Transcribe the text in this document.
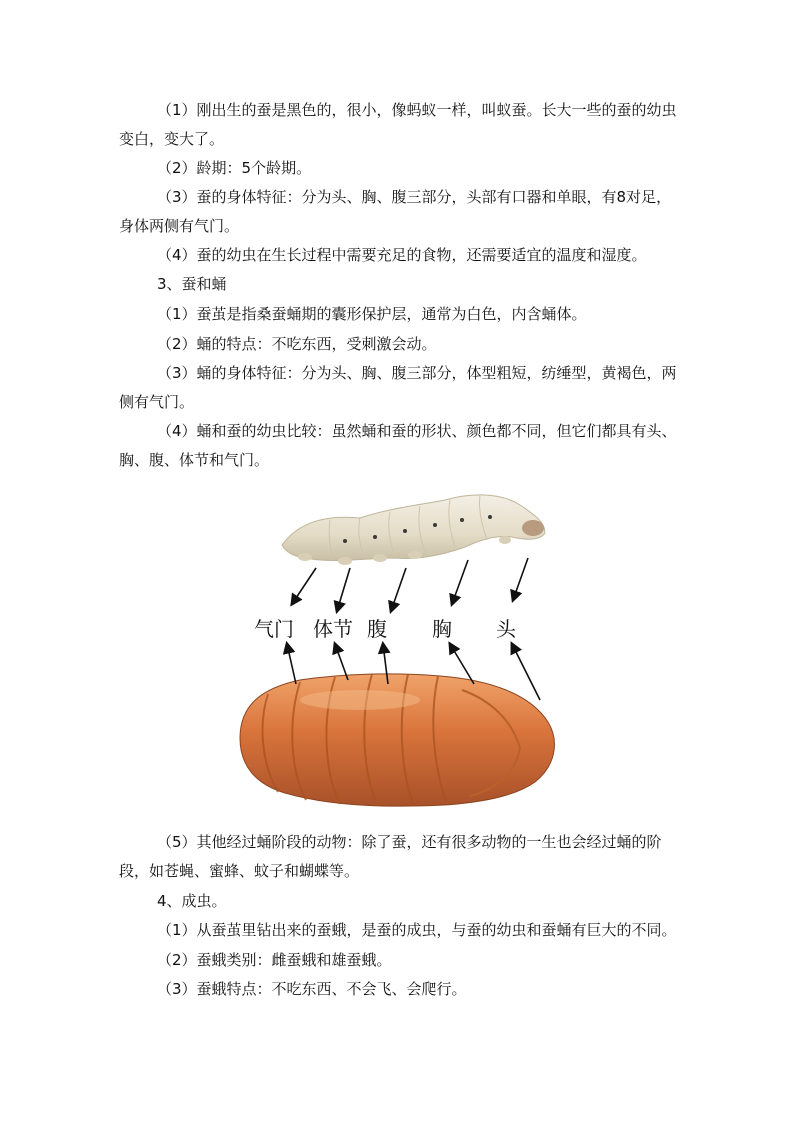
（1）刚出生的蚕是黑色的，很小，像蚂蚁一样，叫蚁蚕。长大一些的蚕的幼虫变白，变大了。

（2）龄期：5个龄期。

（3）蚕的身体特征：分为头、胸、腹三部分，头部有口器和单眼，有8对足，身体两侧有气门。

（4）蚕的幼虫在生长过程中需要充足的食物，还需要适宜的温度和湿度。

3、蚕和蛹

（1）蚕茧是指桑蚕蛹期的囊形保护层，通常为白色，内含蛹体。

（2）蛹的特点：不吃东西，受刺激会动。

（3）蛹的身体特征：分为头、胸、腹三部分，体型粗短，纺缍型，黄褐色，两侧有气门。

（4）蛹和蚕的幼虫比较：虽然蛹和蚕的形状、颜色都不同，但它们都具有头、胸、腹、体节和气门。

气门 体节 腹 胸 头

（5）其他经过蛹阶段的动物：除了蚕，还有很多动物的一生也会经过蛹的阶段，如苍蝇、蜜蜂、蚊子和蝴蝶等。

4、成虫。

（1）从蚕茧里钻出来的蚕蛾，是蚕的成虫，与蚕的幼虫和蚕蛹有巨大的不同。

（2）蚕蛾类别：雌蚕蛾和雄蚕蛾。

（3）蚕蛾特点：不吃东西、不会飞、会爬行。
